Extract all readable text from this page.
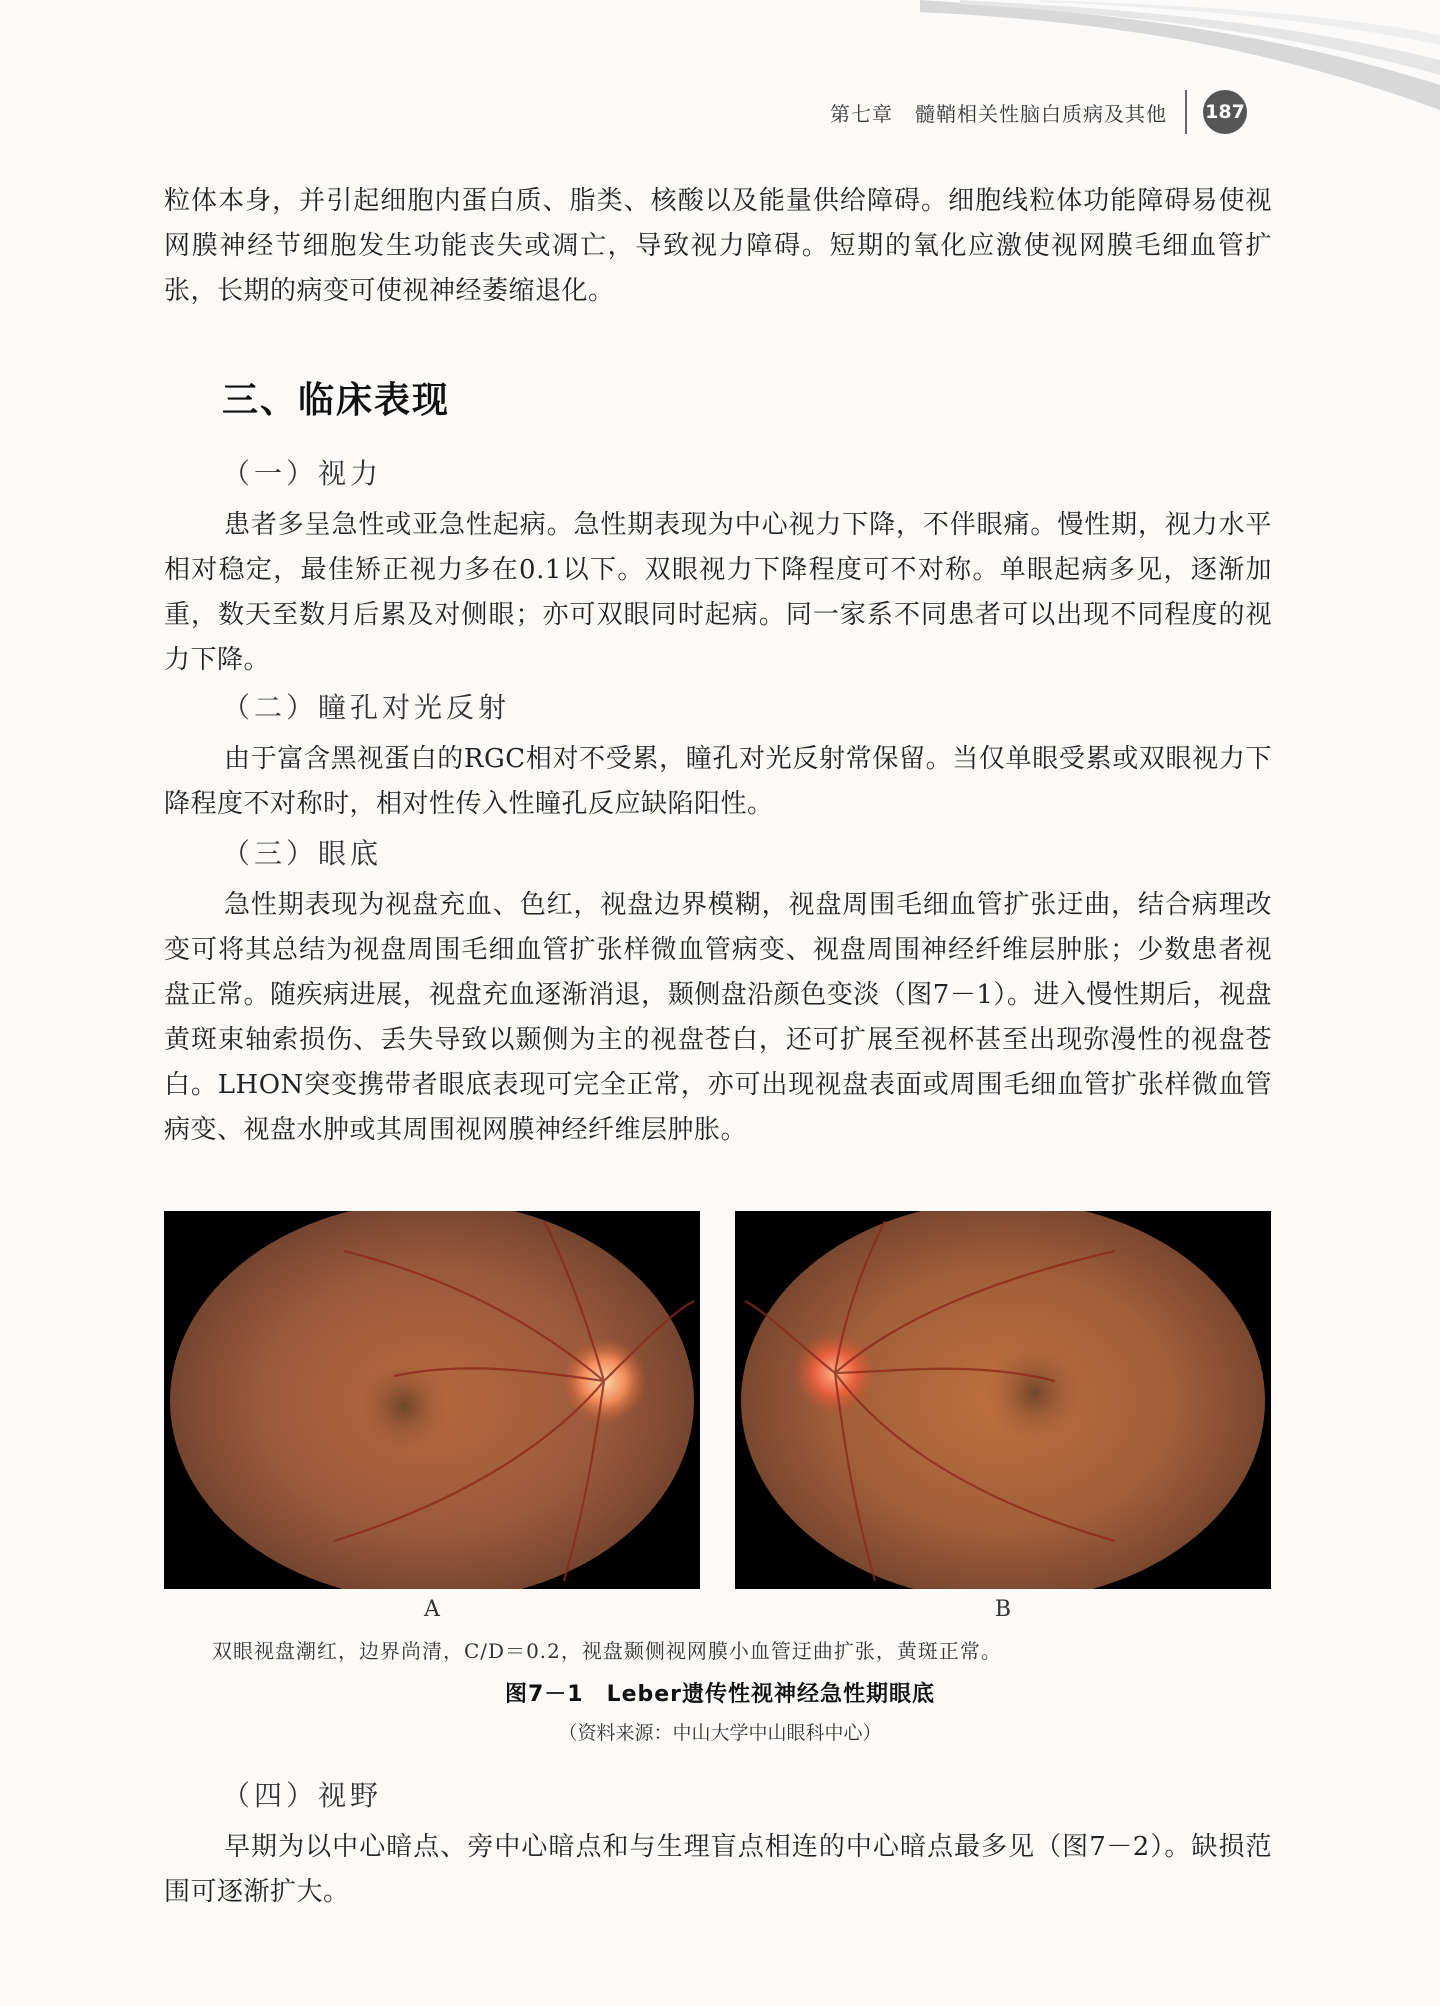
第七章 髓鞘相关性脑白质病及其他 187

粒体本身，并引起细胞内蛋白质、脂类、核酸以及能量供给障碍。细胞线粒体功能障碍易使视网膜神经节细胞发生功能丧失或凋亡，导致视力障碍。短期的氧化应激使视网膜毛细血管扩张，长期的病变可使视神经萎缩退化。

三、临床表现
（一）视力

患者多呈急性或亚急性起病。急性期表现为中心视力下降，不伴眼痛。慢性期，视力水平相对稳定，最佳矫正视力多在0.1以下。双眼视力下降程度可不对称。单眼起病多见，逐渐加重，数天至数月后累及对侧眼；亦可双眼同时起病。同一家系不同患者可以出现不同程度的视力下降。

（二）瞳孔对光反射

由于富含黑视蛋白的RGC相对不受累，瞳孔对光反射常保留。当仅单眼受累或双眼视力下降程度不对称时，相对性传入性瞳孔反应缺陷阳性。

（三）眼底

急性期表现为视盘充血、色红，视盘边界模糊，视盘周围毛细血管扩张迂曲，结合病理改变可将其总结为视盘周围毛细血管扩张样微血管病变、视盘周围神经纤维层肿胀；少数患者视盘正常。随疾病进展，视盘充血逐渐消退，颞侧盘沿颜色变淡（图7－1）。进入慢性期后，视盘黄斑束轴索损伤、丢失导致以颞侧为主的视盘苍白，还可扩展至视杯甚至出现弥漫性的视盘苍白。LHON突变携带者眼底表现可完全正常，亦可出现视盘表面或周围毛细血管扩张样微血管病变、视盘水肿或其周围视网膜神经纤维层肿胀。

A	B

双眼视盘潮红，边界尚清，C/D＝0.2，视盘颞侧视网膜小血管迂曲扩张，黄斑正常。

图7－1　Leber遗传性视神经急性期眼底

（资料来源：中山大学中山眼科中心）

（四）视野

早期为以中心暗点、旁中心暗点和与生理盲点相连的中心暗点最多见（图7－2）。缺损范围可逐渐扩大。
